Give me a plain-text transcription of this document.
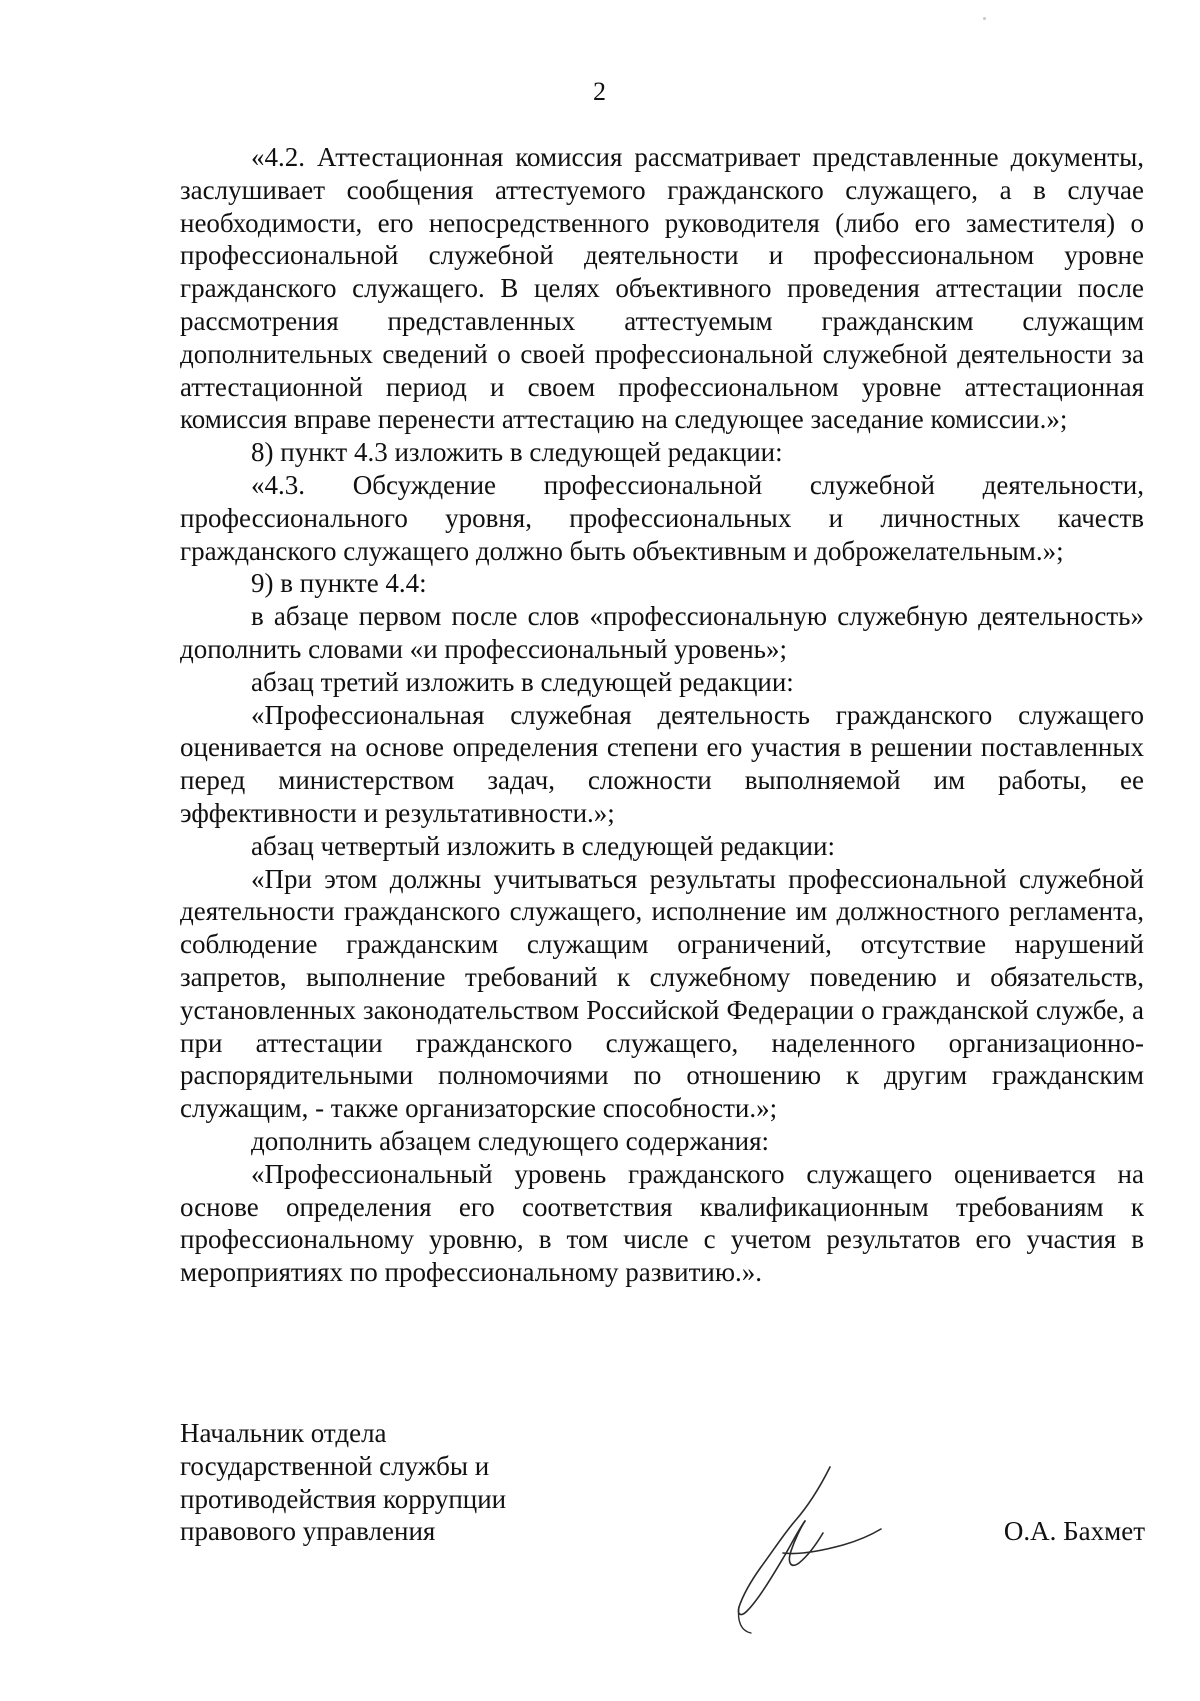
2

«4.2. Аттестационная комиссия рассматривает представленные документы, заслушивает сообщения аттестуемого гражданского служащего, а в случае необходимости, его непосредственного руководителя (либо его заместителя) о профессиональной служебной деятельности и профессиональном уровне гражданского служащего. В целях объективного проведения аттестации после рассмотрения представленных аттестуемым гражданским служащим дополнительных сведений о своей профессиональной служебной деятельности за аттестационной период и своем профессиональном уровне аттестационная комиссия вправе перенести аттестацию на следующее заседание комиссии.»;

8) пункт 4.3 изложить в следующей редакции:

«4.3. Обсуждение профессиональной служебной деятельности, профессионального уровня, профессиональных и личностных качеств гражданского служащего должно быть объективным и доброжелательным.»;

9) в пункте 4.4:

в абзаце первом после слов «профессиональную служебную деятельность» дополнить словами «и профессиональный уровень»;

абзац третий изложить в следующей редакции:

«Профессиональная служебная деятельность гражданского служащего оценивается на основе определения степени его участия в решении поставленных перед министерством задач, сложности выполняемой им работы, ее эффективности и результативности.»;

абзац четвертый изложить в следующей редакции:

«При этом должны учитываться результаты профессиональной служебной деятельности гражданского служащего, исполнение им должностного регламента, соблюдение гражданским служащим ограничений, отсутствие нарушений запретов, выполнение требований к служебному поведению и обязательств, установленных законодательством Российской Федерации о гражданской службе, а при аттестации гражданского служащего, наделенного организационно-распорядительными полномочиями по отношению к другим гражданским служащим, - также организаторские способности.»;

дополнить абзацем следующего содержания:

«Профессиональный уровень гражданского служащего оценивается на основе определения его соответствия квалификационным требованиям к профессиональному уровню, в том числе с учетом результатов его участия в мероприятиях по профессиональному развитию.».

Начальник отдела
государственной службы и
противодействия коррупции
правового управления	О.А. Бахмет
